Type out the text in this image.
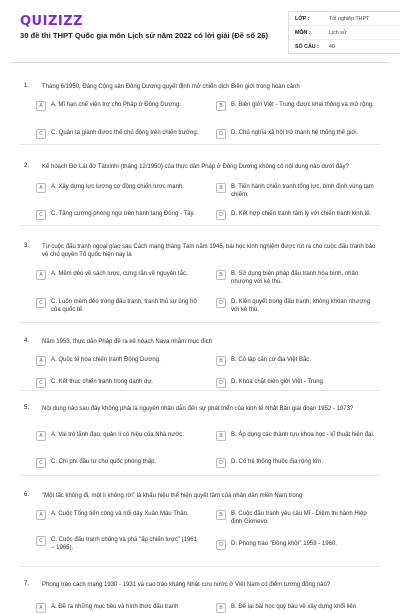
QUIZIZZ
30 đề thi THPT Quốc gia môn Lịch sử năm 2022 có lời giải (Đề số 26)
LỚP :	Tốt nghiệp THPT
MÔN :	Lịch sử
SỐ CÂU :	40
1. Tháng 6/1950, Đảng Cộng sản Đông Dương quyết định mở chiến dịch Biên giới trong hoàn cảnh
A	A. Mĩ hạn chế viện trợ cho Pháp ở Đông Dương.	B	B. Biên giới Việt - Trung được khai thông và mở rộng.
C	C. Quân ta giành được thế chủ động trên chiến trường.	D	D. Chủ nghĩa xã hội trở thành hệ thống thế giới.
2. Kế hoạch Đờ Lát đơ Tátxinhi (tháng 12/1950) của thực dân Pháp ở Đông Dương không có nội dung nào dưới đây?
A	A. Xây dựng lực lượng cơ động chiến lược mạnh.	B	B. Tiến hành chiến tranh tổng lực, bình định vùng tạm chiếm.
C	C. Tăng cường phòng ngự trên hành lang Đông - Tây.	D	D. Kết hợp chiến tranh tâm lý với chiến tranh kinh tế.
3. Từ cuộc đấu tranh ngoại giao sau Cách mạng tháng Tám năm 1945, bài học kinh nghiệm được rút ra cho cuộc đấu tranh bảo vệ chủ quyền Tổ quốc hiện nay là
A	A. Mềm dẻo về sách lược, cứng rắn về nguyên tắc.	B	B. Sử dụng biện pháp đấu tranh hòa bình, nhân nhượng với kẻ thù.
C	C. Luôn mềm dẻo trong đấu tranh, tranh thủ sự ủng hộ của quốc tế.
D	D. Kiên quyết trong đấu tranh, không khoan nhượng với kẻ thù.
4. Năm 1953, thực dân Pháp đề ra kế hoạch Nava nhằm mục đích
A	A. Quốc tế hóa chiến tranh Đông Dương.	B	B. Cô lập căn cứ địa Việt Bắc.
C	C. Kết thúc chiến tranh trong danh dự.	D	D. Khóa chặt biên giới Việt - Trung.
5. Nội dung nào sau đây không phải là nguyên nhân dẫn đến sự phát triển của kinh tế Nhật Bản giai đoạn 1952 - 1973?
A	A. Vai trò lãnh đạo, quản lí có hiệu của Nhà nước.	B	B. Áp dụng các thành tựu khoa học - kĩ thuật hiện đại.
C	C. Chi phí đầu tư cho quốc phòng thấp.	D	D. Có hệ thống thuộc địa rộng lớn.
6. "Một tấc không đi, một li không rời" là khẩu hiệu thể hiện quyết tâm của nhân dân miền Nam trong
A	A. Cuộc Tổng tiến công và nổi dậy Xuân Mậu Thân.	B	B. Cuộc đấu tranh yêu cầu Mĩ - Diệm thi hành Hiệp định Giơnevơ.
C	C. Cuộc đấu tranh chống và phá "ấp chiến lược" (1961 − 1965).	D	D. Phong trào "Đồng khởi" 1959 - 1960.
7. Phong trào cách mạng 1930 - 1931 và cao trào kháng Nhật cứu nước ở Việt Nam có điểm tương đồng nào?
A	A. Đề ra những mục tiêu và hình thức đấu tranh	B	B. Để lại bài học quý báu về xây dựng khối liên
